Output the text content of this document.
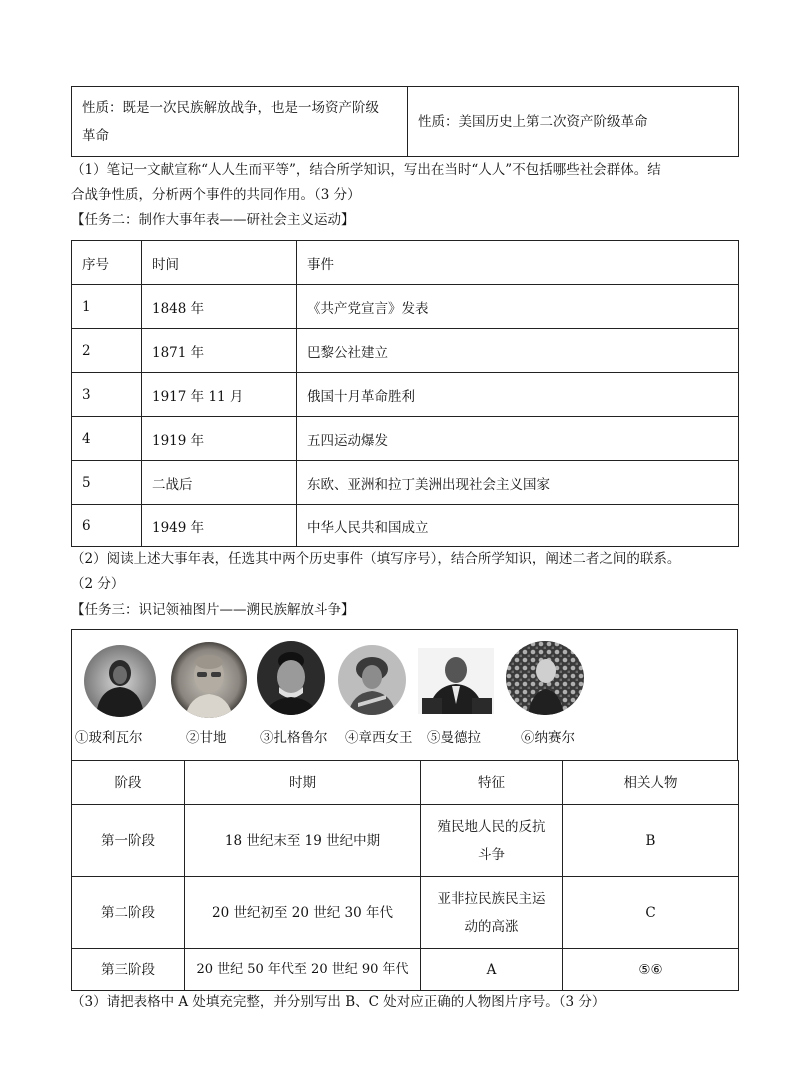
性质：既是一次民族解放战争，也是一场资产阶级
革命
	性质：美国历史上第二次资产阶级革命
（1）笔记一文献宣称“人人生而平等”，结合所学知识，写出在当时“人人”不包括哪些社会群体。结
合战争性质，分析两个事件的共同作用。（3 分）
【任务二：制作大事年表——研社会主义运动】
序号	时间	事件
1	1848 年	《共产党宣言》发表
2	1871 年	巴黎公社建立
3	1917 年 11 月	俄国十月革命胜利
4	1919 年	五四运动爆发
5	二战后	东欧、亚洲和拉丁美洲出现社会主义国家
6	1949 年	中华人民共和国成立
（2）阅读上述大事年表，任选其中两个历史事件（填写序号），结合所学知识，阐述二者之间的联系。
（2 分）
【任务三：识记领袖图片——溯民族解放斗争】
①玻利瓦尔	②甘地 ③扎格鲁尔 ④章西女王 ⑤曼德拉	⑥纳赛尔
阶段	时期	特征	相关人物
第一阶段	18 世纪末至 19 世纪中期	殖民地人民的反抗
斗争	B
第二阶段	20 世纪初至 20 世纪 30 年代	亚非拉民族民主运
动的高涨	C
第三阶段	20 世纪 50 年代至 20 世纪 90 年代	A	⑤⑥
（3）请把表格中 A 处填充完整，并分别写出 B、C 处对应正确的人物图片序号。（3 分）
